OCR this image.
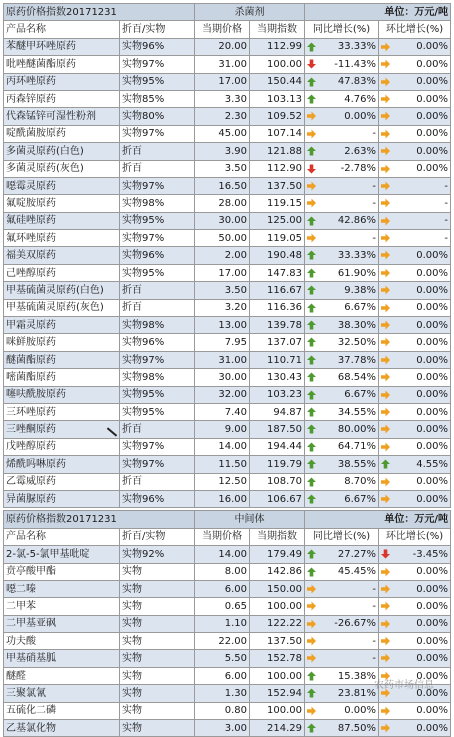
原药价格指数20171231		杀菌剂		单位：万元/吨	
产品名称	折百/实物	当期价格	当期指数	同比增长(%)	环比增长(%)
苯醚甲环唑原药	实物96%	20.00	112.99	33.33%	0.00%
吡唑醚菌酯原药	实物97%	31.00	100.00	-11.43%	0.00%
丙环唑原药	实物95%	17.00	150.44	47.83%	0.00%
丙森锌原药	实物85%	3.30	103.13	4.76%	0.00%
代森锰锌可湿性粉剂	实物80%	2.30	109.52	0.00%	0.00%
啶酰菌胺原药	实物97%	45.00	107.14	-	0.00%
多菌灵原药(白色)	折百	3.90	121.88	2.63%	0.00%
多菌灵原药(灰色)	折百	3.50	112.90	-2.78%	0.00%
噁霉灵原药	实物97%	16.50	137.50	-	-
氟啶胺原药	实物98%	28.00	119.15	-	-
氟硅唑原药	实物95%	30.00	125.00	42.86%	-
氟环唑原药	实物97%	50.00	119.05	-	-
福美双原药	实物96%	2.00	190.48	33.33%	0.00%
己唑醇原药	实物95%	17.00	147.83	61.90%	0.00%
甲基硫菌灵原药(白色)	折百	3.50	116.67	9.38%	0.00%
甲基硫菌灵原药(灰色)	折百	3.20	116.36	6.67%	0.00%
甲霜灵原药	实物98%	13.00	139.78	38.30%	0.00%
咪鲜胺原药	实物96%	7.95	137.07	32.50%	0.00%
醚菌酯原药	实物97%	31.00	110.71	37.78%	0.00%
嘧菌酯原药	实物98%	30.00	130.43	68.54%	0.00%
噻呋酰胺原药	实物95%	32.00	103.23	6.67%	0.00%
三环唑原药	实物95%	7.40	94.87	34.55%	0.00%
三唑酮原药	折百	9.00	187.50	80.00%	0.00%
戊唑醇原药	实物97%	14.00	194.44	64.71%	0.00%
烯酰吗啉原药	实物97%	11.50	119.79	38.55%	4.55%
乙霉威原药	折百	12.50	108.70	8.70%	0.00%
异菌脲原药	实物96%	16.00	106.67	6.67%	0.00%

原药价格指数20171231		中间体		单位：万元/吨	
产品名称	折百/实物	当期价格	当期指数	同比增长(%)	环比增长(%)
2-氯-5-氯甲基吡啶	实物92%	14.00	179.49	27.27%	-3.45%
贲亭酸甲酯	实物	8.00	142.86	45.45%	0.00%
噁二嗪	实物	6.00	150.00	-	0.00%
二甲苯	实物	0.65	100.00	-	0.00%
二甲基亚砜	实物	1.10	122.22	-26.67%	0.00%
功夫酸	实物	22.00	137.50	-	0.00%
甲基硝基胍	实物	5.50	152.78	-	0.00%
醚醛	实物	6.00	100.00	15.38%	0.00%
三聚氯氰	实物	1.30	152.94	23.81%	0.00%
五硫化二磷	实物	0.80	100.00	0.00%	0.00%
乙基氯化物	实物	3.00	214.29	87.50%	0.00%
农药市场信息
